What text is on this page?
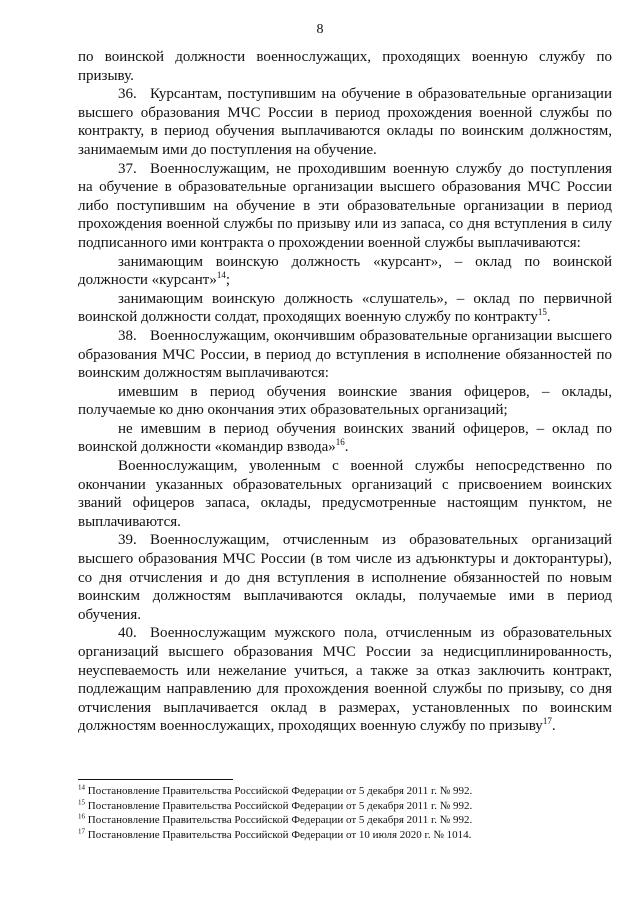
8

по воинской должности военнослужащих, проходящих военную службу по призыву.

36. Курсантам, поступившим на обучение в образовательные организации высшего образования МЧС России в период прохождения военной службы по контракту, в период обучения выплачиваются оклады по воинским должностям, занимаемым ими до поступления на обучение.

37. Военнослужащим, не проходившим военную службу до поступления на обучение в образовательные организации высшего образования МЧС России либо поступившим на обучение в эти образовательные организации в период прохождения военной службы по призыву или из запаса, со дня вступления в силу подписанного ими контракта о прохождении военной службы выплачиваются:

занимающим воинскую должность «курсант», – оклад по воинской должности «курсант»$^{14}$;

занимающим воинскую должность «слушатель», – оклад по первичной воинской должности солдат, проходящих военную службу по контракту$^{15}$.

38. Военнослужащим, окончившим образовательные организации высшего образования МЧС России, в период до вступления в исполнение обязанностей по воинским должностям выплачиваются:

имевшим в период обучения воинские звания офицеров, – оклады, получаемые ко дню окончания этих образовательных организаций;

не имевшим в период обучения воинских званий офицеров, – оклад по воинской должности «командир взвода»$^{16}$.

Военнослужащим, уволенным с военной службы непосредственно по окончании указанных образовательных организаций с присвоением воинских званий офицеров запаса, оклады, предусмотренные настоящим пунктом, не выплачиваются.

39. Военнослужащим, отчисленным из образовательных организаций высшего образования МЧС России (в том числе из адъюнктуры и докторантуры), со дня отчисления и до дня вступления в исполнение обязанностей по новым воинским должностям выплачиваются оклады, получаемые ими в период обучения.

40. Военнослужащим мужского пола, отчисленным из образовательных организаций высшего образования МЧС России за недисциплинированность, неуспеваемость или нежелание учиться, а также за отказ заключить контракт, подлежащим направлению для прохождения военной службы по призыву, со дня отчисления выплачивается оклад в размерах, установленных по воинским должностям военнослужащих, проходящих военную службу по призыву$^{17}$.

$^{14}$ Постановление Правительства Российской Федерации от 5 декабря 2011 г. № 992.

$^{15}$ Постановление Правительства Российской Федерации от 5 декабря 2011 г. № 992.

$^{16}$ Постановление Правительства Российской Федерации от 5 декабря 2011 г. № 992.

$^{17}$ Постановление Правительства Российской Федерации от 10 июля 2020 г. № 1014.
